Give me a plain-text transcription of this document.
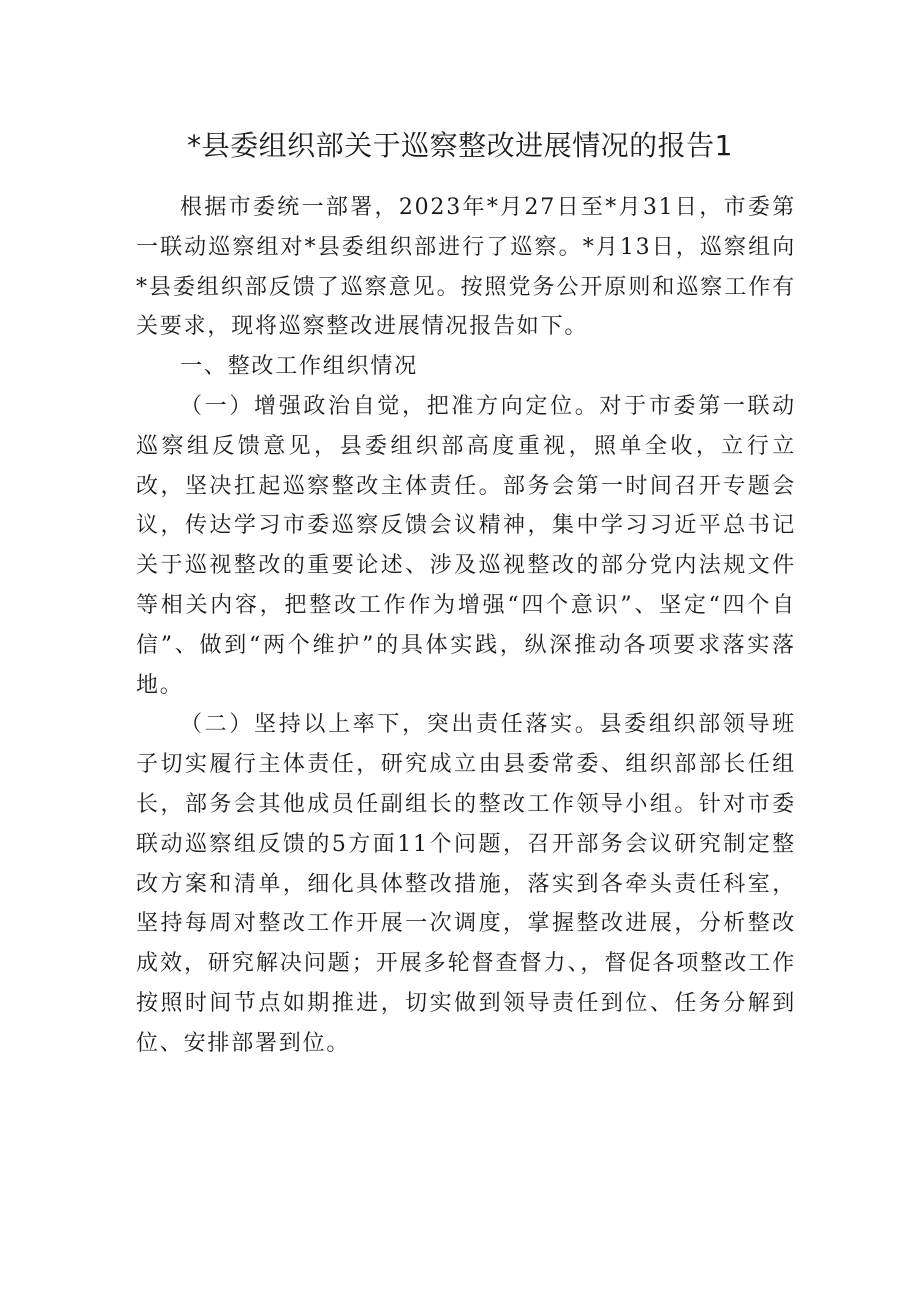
*县委组织部关于巡察整改进展情况的报告1

根据市委统一部署，2023年*月27日至*月31日，市委第一联动巡察组对*县委组织部进行了巡察。*月13日，巡察组向*县委组织部反馈了巡察意见。按照党务公开原则和巡察工作有关要求，现将巡察整改进展情况报告如下。

一、整改工作组织情况

（一）增强政治自觉，把准方向定位。对于市委第一联动巡察组反馈意见，县委组织部高度重视，照单全收，立行立改，坚决扛起巡察整改主体责任。部务会第一时间召开专题会议，传达学习市委巡察反馈会议精神，集中学习习近平总书记关于巡视整改的重要论述、涉及巡视整改的部分党内法规文件等相关内容，把整改工作作为增强“四个意识”、坚定“四个自信”、做到“两个维护”的具体实践，纵深推动各项要求落实落地。

（二）坚持以上率下，突出责任落实。县委组织部领导班子切实履行主体责任，研究成立由县委常委、组织部部长任组长，部务会其他成员任副组长的整改工作领导小组。针对市委联动巡察组反馈的5方面11个问题，召开部务会议研究制定整改方案和清单，细化具体整改措施，落实到各牵头责任科室，坚持每周对整改工作开展一次调度，掌握整改进展，分析整改成效，研究解决问题；开展多轮督查督力、，督促各项整改工作按照时间节点如期推进，切实做到领导责任到位、任务分解到位、安排部署到位。
